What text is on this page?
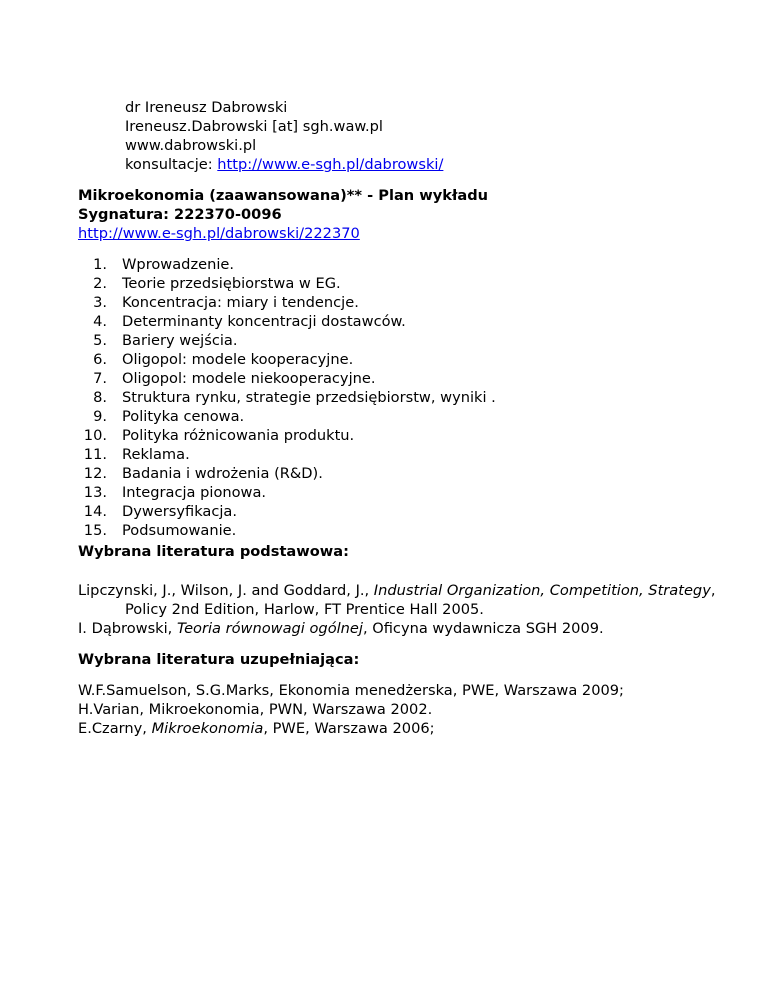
dr Ireneusz Dabrowski
Ireneusz.Dabrowski [at] sgh.waw.pl
www.dabrowski.pl
konsultacje: http://www.e-sgh.pl/dabrowski/
Mikroekonomia (zaawansowana)** - Plan wykładu
Sygnatura: 222370-0096
http://www.e-sgh.pl/dabrowski/222370
1.	Wprowadzenie.
2.	Teorie przedsiębiorstwa w EG.
3.	Koncentracja: miary i tendencje.
4.	Determinanty koncentracji dostawców.
5.	Bariery wejścia.
6.	Oligopol: modele kooperacyjne.
7.	Oligopol: modele niekooperacyjne.
8.	Struktura rynku, strategie przedsiębiorstw, wyniki .
9.	Polityka cenowa.
10.	Polityka różnicowania produktu.
11.	Reklama.
12.	Badania i wdrożenia (R&D).
13.	Integracja pionowa.
14.	Dywersyfikacja.
15.	Podsumowanie.
Wybrana literatura podstawowa:
Lipczynski, J., Wilson, J. and Goddard, J., Industrial Organization, Competition, Strategy,
Policy 2nd Edition, Harlow, FT Prentice Hall 2005.
I. Dąbrowski, Teoria równowagi ogólnej, Oficyna wydawnicza SGH 2009.
Wybrana literatura uzupełniająca:
W.F.Samuelson, S.G.Marks, Ekonomia menedżerska, PWE, Warszawa 2009;
H.Varian, Mikroekonomia, PWN, Warszawa 2002.
E.Czarny, Mikroekonomia, PWE, Warszawa 2006;
